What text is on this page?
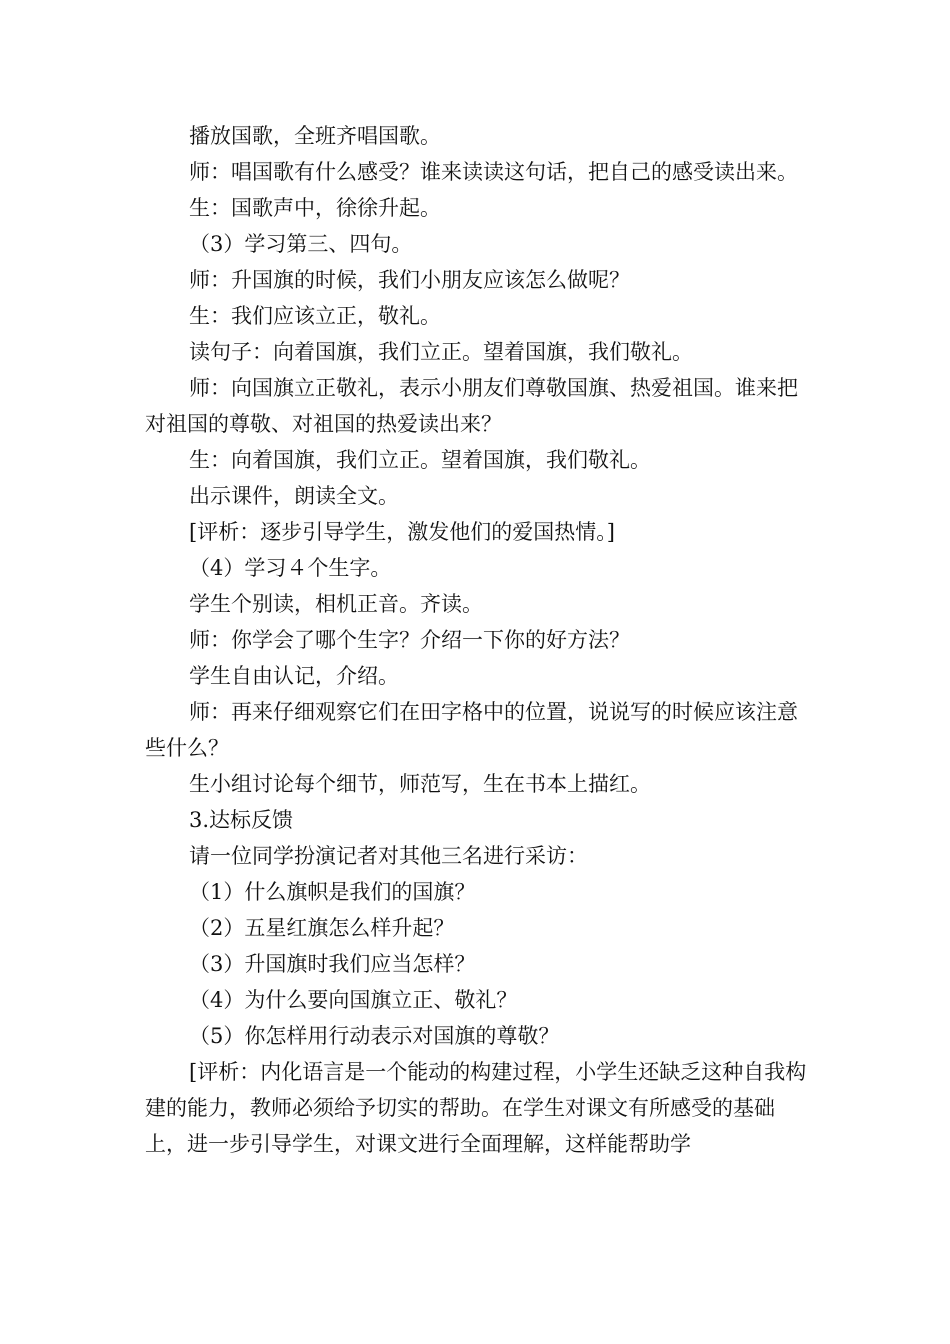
播放国歌，全班齐唱国歌。

师：唱国歌有什么感受？谁来读读这句话，把自己的感受读出来。

生：国歌声中，徐徐升起。

（3）学习第三、四句。

师：升国旗的时候，我们小朋友应该怎么做呢？

生：我们应该立正，敬礼。

读句子：向着国旗，我们立正。望着国旗，我们敬礼。

师：向国旗立正敬礼，表示小朋友们尊敬国旗、热爱祖国。谁来把对祖国的尊敬、对祖国的热爱读出来？

生：向着国旗，我们立正。望着国旗，我们敬礼。

出示课件，朗读全文。

[评析：逐步引导学生，激发他们的爱国热情。]

（4）学习４个生字。

学生个别读，相机正音。齐读。

师：你学会了哪个生字？介绍一下你的好方法？

学生自由认记，介绍。

师：再来仔细观察它们在田字格中的位置，说说写的时候应该注意些什么？

生小组讨论每个细节，师范写，生在书本上描红。

3.达标反馈

请一位同学扮演记者对其他三名进行采访：

（1）什么旗帜是我们的国旗？

（2）五星红旗怎么样升起？

（3）升国旗时我们应当怎样？

（4）为什么要向国旗立正、敬礼？

（5）你怎样用行动表示对国旗的尊敬？

[评析：内化语言是一个能动的构建过程，小学生还缺乏这种自我构建的能力，教师必须给予切实的帮助。在学生对课文有所感受的基础上，进一步引导学生，对课文进行全面理解，这样能帮助学
